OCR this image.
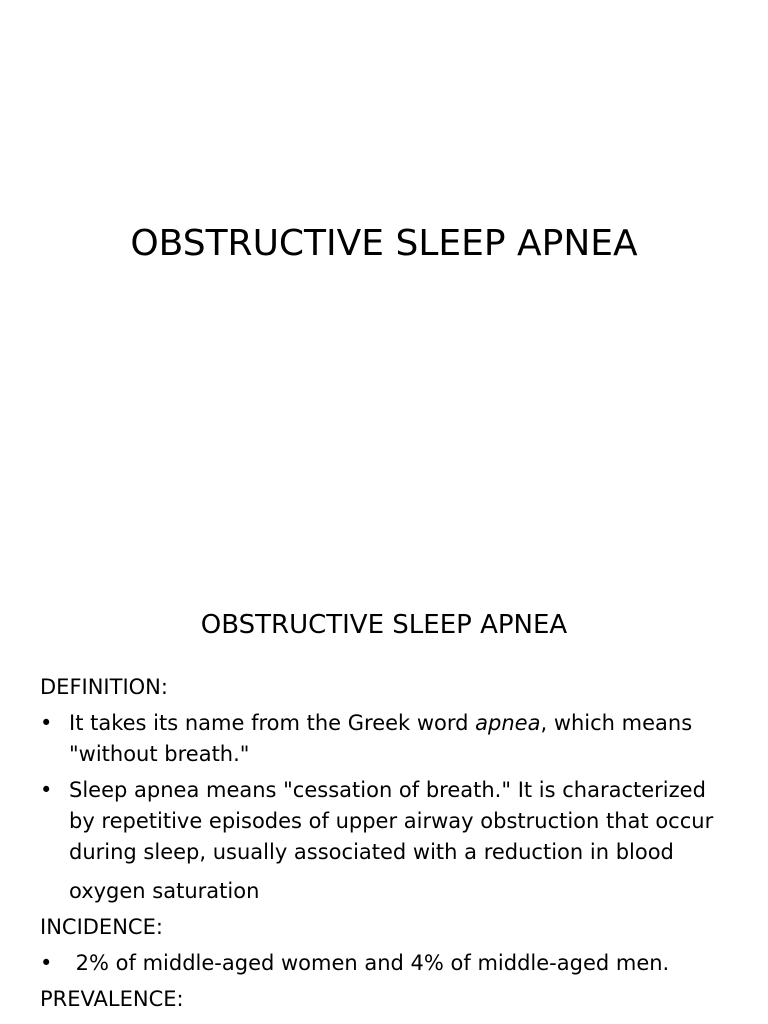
OBSTRUCTIVE SLEEP APNEA
OBSTRUCTIVE SLEEP APNEA
DEFINITION:
• It takes its name from the Greek word apnea, which means "without breath."
• Sleep apnea means "cessation of breath." It is characterized by repetitive episodes of upper airway obstruction that occur during sleep, usually associated with a reduction in blood
oxygen saturation
INCIDENCE:
• 2% of middle-aged women and 4% of middle-aged men.
PREVALENCE:
